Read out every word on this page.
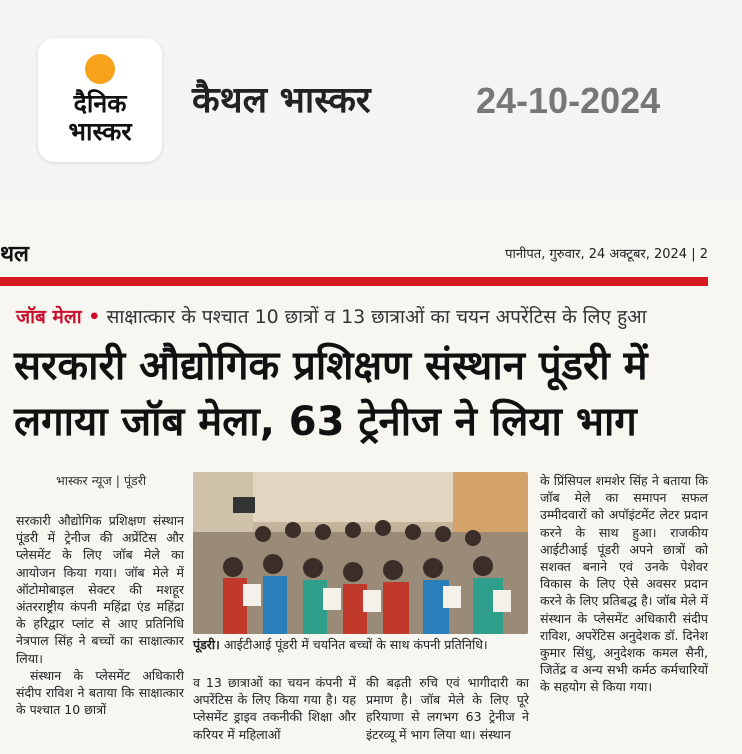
दैनिक
भास्कर
कैथल भास्कर	24-10-2024
थल	पानीपत, गुरुवार, 24 अक्टूबर, 2024 | 2
जॉब मेला • साक्षात्कार के पश्चात 10 छात्रों व 13 छात्राओं का चयन अपरेंटिस के लिए हुआ
सरकारी औद्योगिक प्रशिक्षण संस्थान पूंडरी में
लगाया जॉब मेला, 63 ट्रेनीज ने लिया भाग
भास्कर न्यूज | पूंडरी
सरकारी औद्योगिक प्रशिक्षण संस्थान पूंडरी में ट्रेनीज की अप्रेंटिस और प्लेसमेंट के लिए जॉब मेले का आयोजन किया गया। जॉब मेले में ऑटोमोबाइल सेक्टर की मशहूर अंतरराष्ट्रीय कंपनी महिंद्रा एंड महिंद्रा के हरिद्वार प्लांट से आए प्रतिनिधि नेत्रपाल सिंह ने बच्चों का साक्षात्कार लिया।
संस्थान के प्लेसमेंट अधिकारी संदीप राविश ने बताया कि साक्षात्कार के पश्चात 10 छात्रों
पूंडरी। आईटीआई पूंडरी में चयनित बच्चों के साथ कंपनी प्रतिनिधि।
व 13 छात्राओं का चयन कंपनी में अपरेंटिस के लिए किया गया है। यह प्लेसमेंट ड्राइव तकनीकी शिक्षा और करियर में महिलाओं
की बढ़ती रुचि एवं भागीदारी का प्रमाण है। जॉब मेले के लिए पूरे हरियाणा से लगभग 63 ट्रेनीज ने इंटरव्यू में भाग लिया था। संस्थान
के प्रिंसिपल शमशेर सिंह ने बताया कि जॉब मेले का समापन सफल उम्मीदवारों को अपॉइंटमेंट लेटर प्रदान करने के साथ हुआ। राजकीय आईटीआई पूंडरी अपने छात्रों को सशक्त बनाने एवं उनके पेशेवर विकास के लिए ऐसे अवसर प्रदान करने के लिए प्रतिबद्ध है। जॉब मेले में संस्थान के प्लेसमेंट अधिकारी संदीप राविश, अपरेंटिस अनुदेशक डॉ. दिनेश कुमार सिंधु, अनुदेशक कमल सैनी, जितेंद्र व अन्य सभी कर्मठ कर्मचारियों के सहयोग से किया गया।
